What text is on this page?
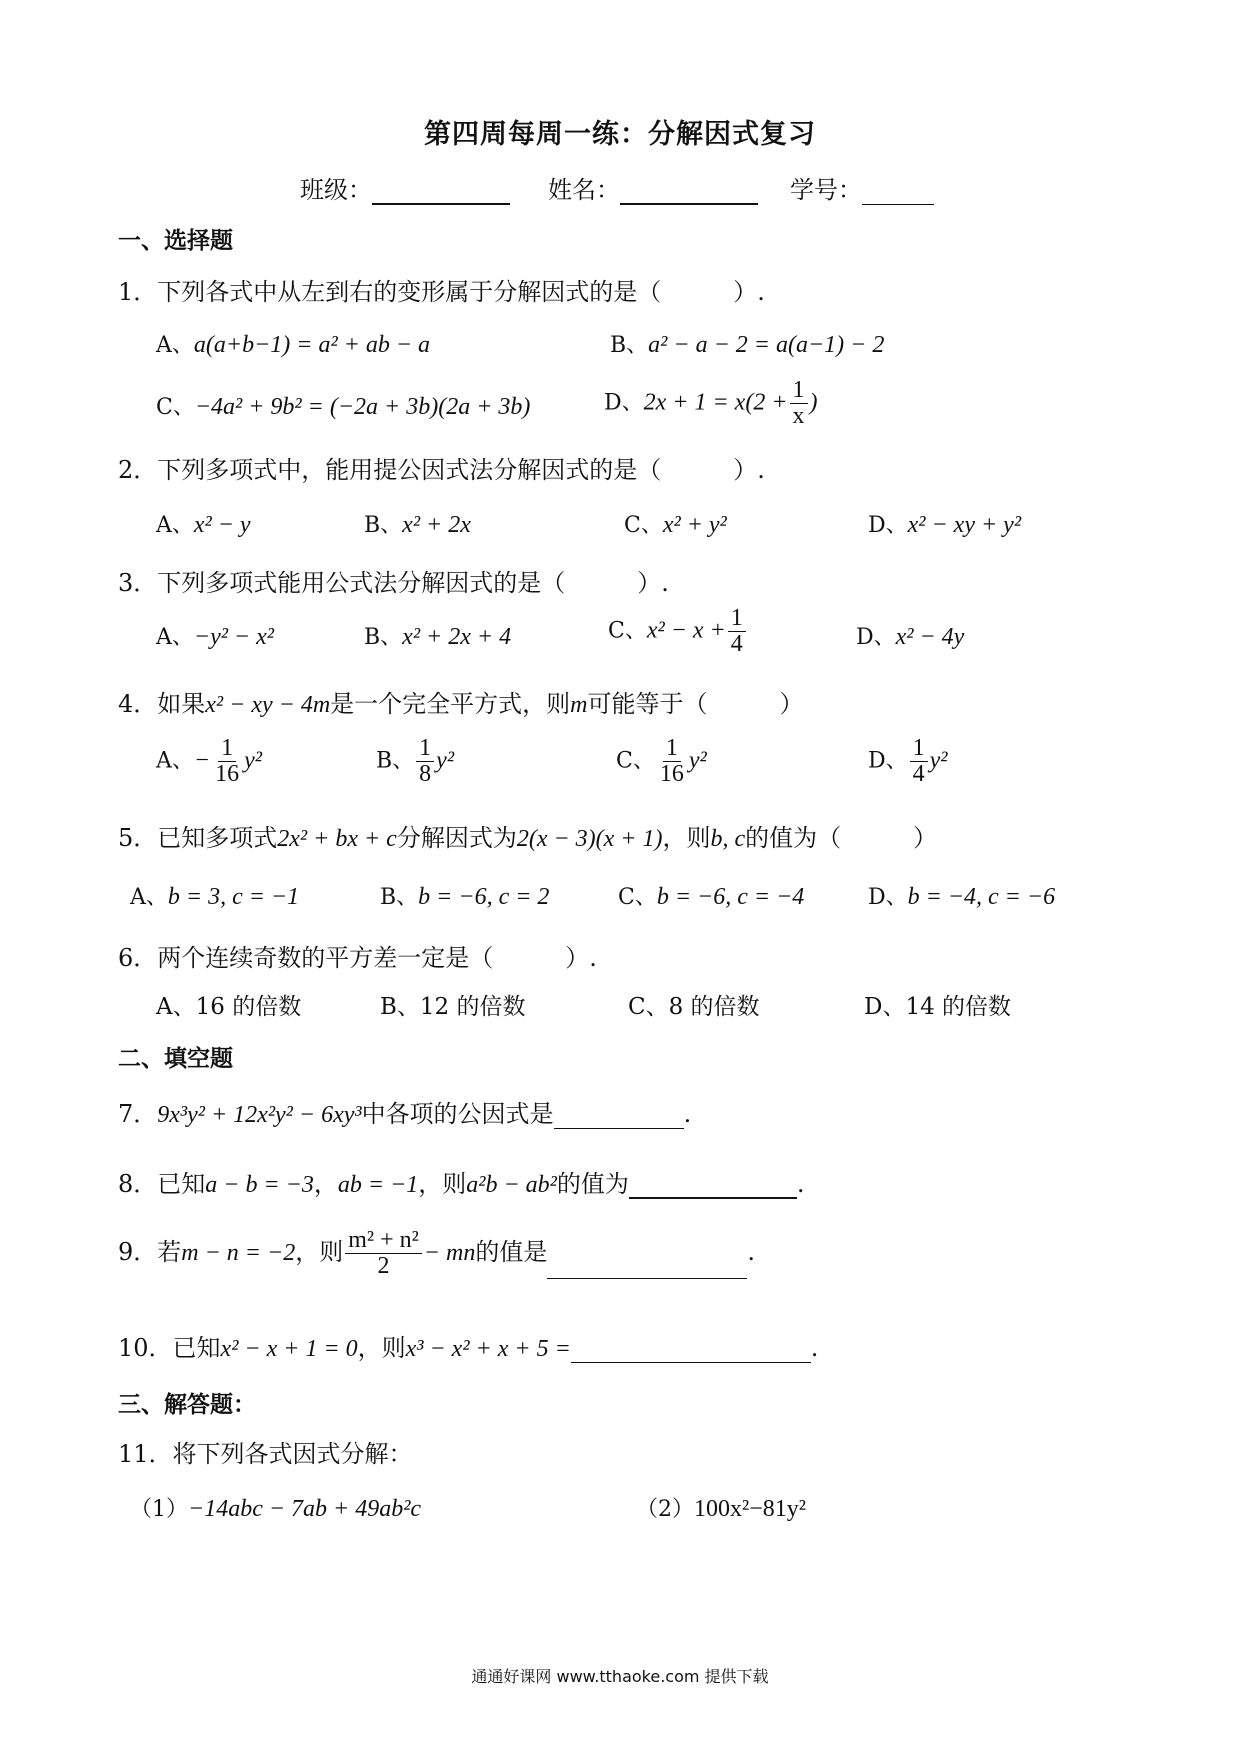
第四周每周一练：分解因式复习
班级：	姓名：	学号：
一、选择题
1．下列各式中从左到右的变形属于分解因式的是（　　　）.
A、a(a+b−1) = a² + ab − a	B、a² − a − 2 = a(a−1) − 2
C、−4a² + 9b² = (−2a + 3b)(2a + 3b)	D、$2x + 1 = x(2 + \frac{1}{x}$ )
2．下列多项式中，能用提公因式法分解因式的是（　　　）.
A、x² − y	B、x² + 2x	C、x² + y²	D、x² − xy + y²
3．下列多项式能用公式法分解因式的是（　　　）.
A、−y² − x²	B、x² + 2x + 4	C、$x^2 - x + \frac{1}{4}$	D、x² − 4y
4．如果x² − xy − 4m是一个完全平方式，则m可能等于（　　　）
A、− $\frac{1}{16} y^2$	B、 $\frac{1}{8} y^2$	C、 $\frac{1}{16} y^2$	D、 $\frac{1}{4} y^2$
5．已知多项式2x² + bx + c分解因式为2(x − 3)(x + 1)，则b, c的值为（　　　）
A、b = 3, c = −1	B、b = −6, c = 2	C、b = −6, c = −4	D、b = −4, c = −6
6．两个连续奇数的平方差一定是（　　　）.
A、16 的倍数	B、12 的倍数	C、8 的倍数	D、14 的倍数
二、填空题
7．9x³y² + 12x²y² − 6xy³中各项的公因式是	.
8．已知a − b = −3，ab = −1，则a²b − ab²的值为	.
9．若m − n = −2，则 $\frac{\text{m² + n²}}{2}$ − mn的值是	.
10．已知x² − x + 1 = 0，则x³ − x² + x + 5 =	.
三、解答题：
11．将下列各式因式分解：
（1）−14abc − 7ab + 49ab²c	（2）100x²−81y²
通通好课网 www.tthaoke.com 提供下载
